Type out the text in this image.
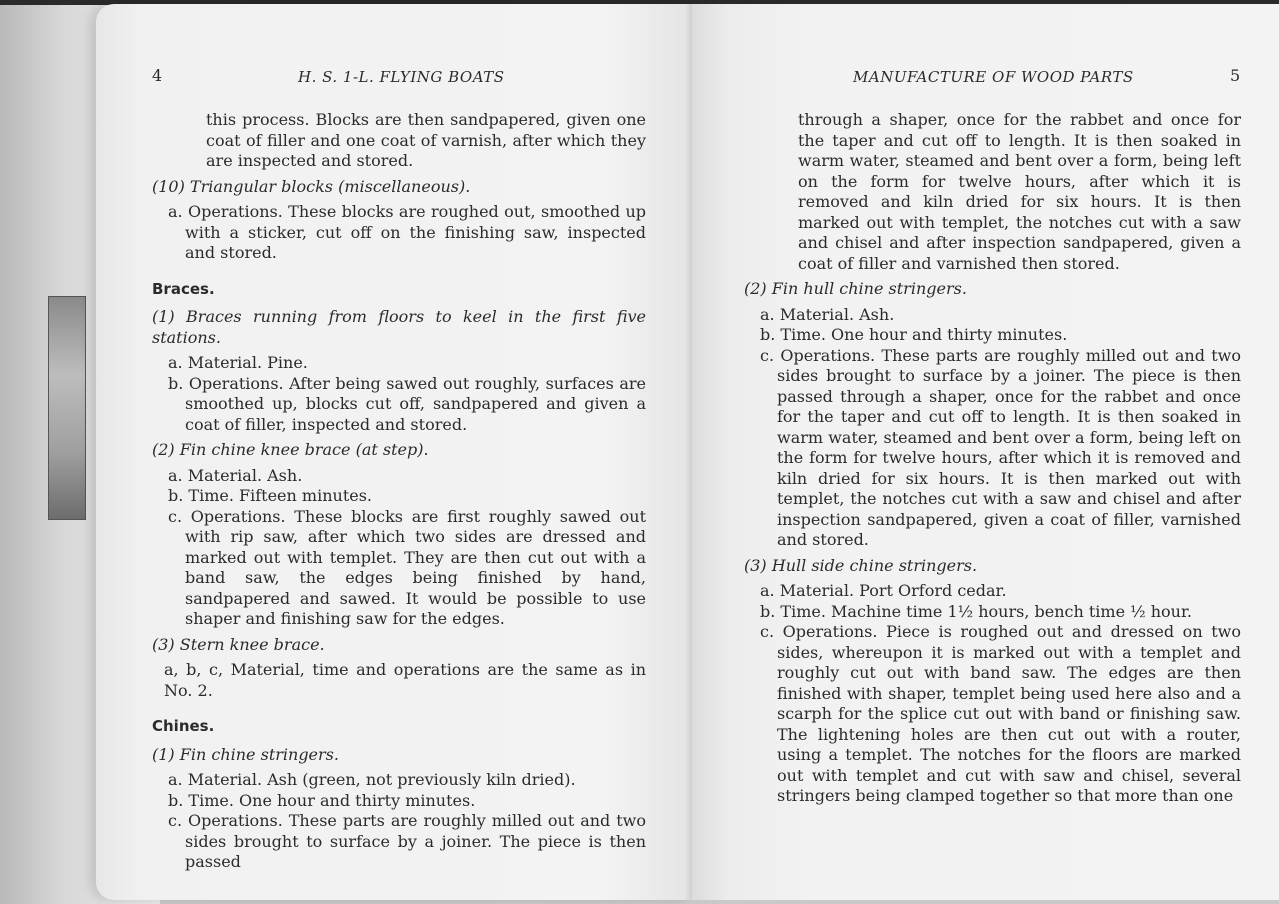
4	H. S. 1-L. FLYING BOATS

this process. Blocks are then sandpapered, given one coat of filler and one coat of varnish, after which they are inspected and stored.

(10) Triangular blocks (miscellaneous).

a. Operations. These blocks are roughed out, smoothed up with a sticker, cut off on the finishing saw, inspected and stored.

Braces.

(1) Braces running from floors to keel in the first five stations.

a. Material. Pine.

b. Operations. After being sawed out roughly, surfaces are smoothed up, blocks cut off, sandpapered and given a coat of filler, inspected and stored.

(2) Fin chine knee brace (at step).

a. Material. Ash.

b. Time. Fifteen minutes.

c. Operations. These blocks are first roughly sawed out with rip saw, after which two sides are dressed and marked out with templet. They are then cut out with a band saw, the edges being finished by hand, sandpapered and sawed. It would be possible to use shaper and finishing saw for the edges.

(3) Stern knee brace.

a, b, c, Material, time and operations are the same as in No. 2.

Chines.

(1) Fin chine stringers.

a. Material. Ash (green, not previously kiln dried).

b. Time. One hour and thirty minutes.

c. Operations. These parts are roughly milled out and two sides brought to surface by a joiner. The piece is then passed

MANUFACTURE OF WOOD PARTS	5

through a shaper, once for the rabbet and once for the taper and cut off to length. It is then soaked in warm water, steamed and bent over a form, being left on the form for twelve hours, after which it is removed and kiln dried for six hours. It is then marked out with templet, the notches cut with a saw and chisel and after inspection sandpapered, given a coat of filler and varnished then stored.

(2) Fin hull chine stringers.

a. Material. Ash.

b. Time. One hour and thirty minutes.

c. Operations. These parts are roughly milled out and two sides brought to surface by a joiner. The piece is then passed through a shaper, once for the rabbet and once for the taper and cut off to length. It is then soaked in warm water, steamed and bent over a form, being left on the form for twelve hours, after which it is removed and kiln dried for six hours. It is then marked out with templet, the notches cut with a saw and chisel and after inspection sandpapered, given a coat of filler, varnished and stored.

(3) Hull side chine stringers.

a. Material. Port Orford cedar.

b. Time. Machine time 1½ hours, bench time ½ hour.

c. Operations. Piece is roughed out and dressed on two sides, whereupon it is marked out with a templet and roughly cut out with band saw. The edges are then finished with shaper, templet being used here also and a scarph for the splice cut out with band or finishing saw. The lightening holes are then cut out with a router, using a templet. The notches for the floors are marked out with templet and cut with saw and chisel, several stringers being clamped together so that more than one
